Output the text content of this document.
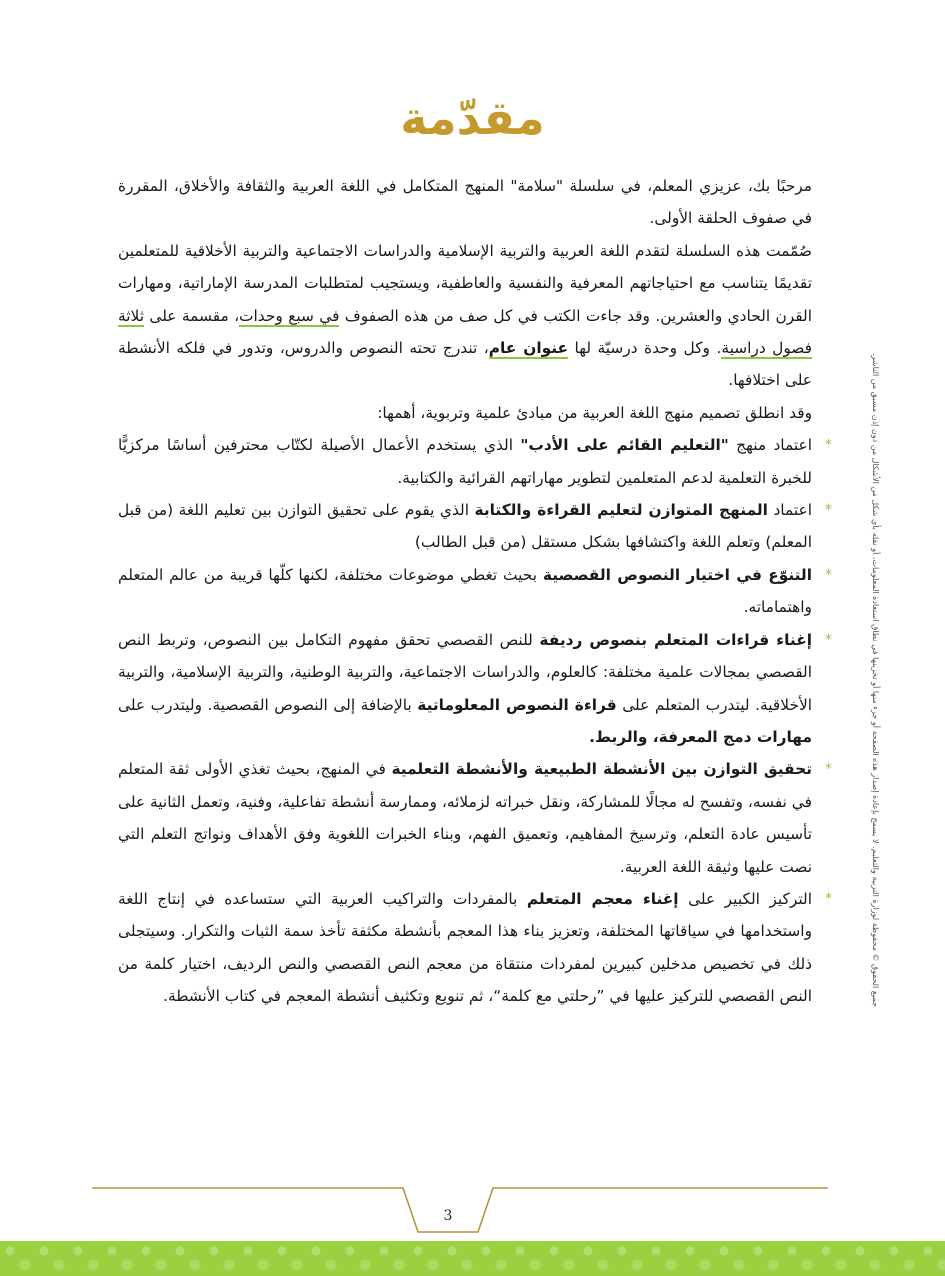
مقدّمة

مرحبًا بك، عزيزي المعلم، في سلسلة "سلامة" المنهج المتكامل في اللغة العربية والثقافة والأخلاق، المقررة في صفوف الحلقة الأولى.

صُمّمت هذه السلسلة لتقدم اللغة العربية والتربية الإسلامية والدراسات الاجتماعية والتربية الأخلاقية للمتعلمين تقديمًا يتناسب مع احتياجاتهم المعرفية والنفسية والعاطفية، ويستجيب لمتطلبات المدرسة الإماراتية، ومهارات القرن الحادي والعشرين. وقد جاءت الكتب في كل صف من هذه الصفوف في سبع وحدات، مقسمة على ثلاثة فصول دراسية. وكل وحدة درسيّة لها عنوان عام، تندرج تحته النصوص والدروس، وتدور في فلكه الأنشطة على اختلافها.

وقد انطلق تصميم منهج اللغة العربية من مبادئ علمية وتربوية، أهمها:

*
اعتماد منهج "التعليم القائم على الأدب" الذي يستخدم الأعمال الأصيلة لكتّاب محترفين أساسًا مركزيًّا للخبرة التعلمية لدعم المتعلمين لتطوير مهاراتهم القرائية والكتابية.
*
اعتماد المنهج المتوازن لتعليم القراءة والكتابة الذي يقوم على تحقيق التوازن بين تعليم اللغة (من قبل المعلم) وتعلم اللغة واكتشافها بشكل مستقل (من قبل الطالب)
*
التنوّع في اختيار النصوص القصصية بحيث تغطي موضوعات مختلفة، لكنها كلّها قريبة من عالم المتعلم واهتماماته.
*
إغناء قراءات المتعلم بنصوص رديفة للنص القصصي تحقق مفهوم التكامل بين النصوص، وتربط النص القصصي بمجالات علمية مختلفة: كالعلوم، والدراسات الاجتماعية، والتربية الوطنية، والتربية الإسلامية، والتربية الأخلاقية. ليتدرب المتعلم على قراءة النصوص المعلوماتية بالإضافة إلى النصوص القصصية. وليتدرب على مهارات دمج المعرفة، والربط.
*
تحقيق التوازن بين الأنشطة الطبيعية والأنشطة التعلمية في المنهج، بحيث تغذي الأولى ثقة المتعلم في نفسه، وتفسح له مجالًا للمشاركة، ونقل خبراته لزملائه، وممارسة أنشطة تفاعلية، وفنية، وتعمل الثانية على تأسيس عادة التعلم، وترسيخ المفاهيم، وتعميق الفهم، وبناء الخبرات اللغوية وفق الأهداف ونواتج التعلم التي نصت عليها وثيقة اللغة العربية.
*
التركيز الكبير على إغناء معجم المتعلم بالمفردات والتراكيب العربية التي ستساعده في إنتاج اللغة واستخدامها في سياقاتها المختلفة، وتعزيز بناء هذا المعجم بأنشطة مكثفة تأخذ سمة الثبات والتكرار. وسيتجلى ذلك في تخصيص مدخلين كبيرين لمفردات منتقاة من معجم النص القصصي والنص الرديف، اختيار كلمة من النص القصصي للتركيز عليها في ”رحلتي مع كلمة“، ثم تنويع وتكثيف أنشطة المعجم في كتاب الأنشطة.	جميع الحقوق © محفوظة لوزارة التربية والتعليم. لا يسمح بإعادة إصدار هذه الصفحة أو جزء منها أو تخزينها في نطاق استعادة المعلومات، أو نقله بأي شكل من الأشكال من دون إذن مسبق من الناشر.
3
